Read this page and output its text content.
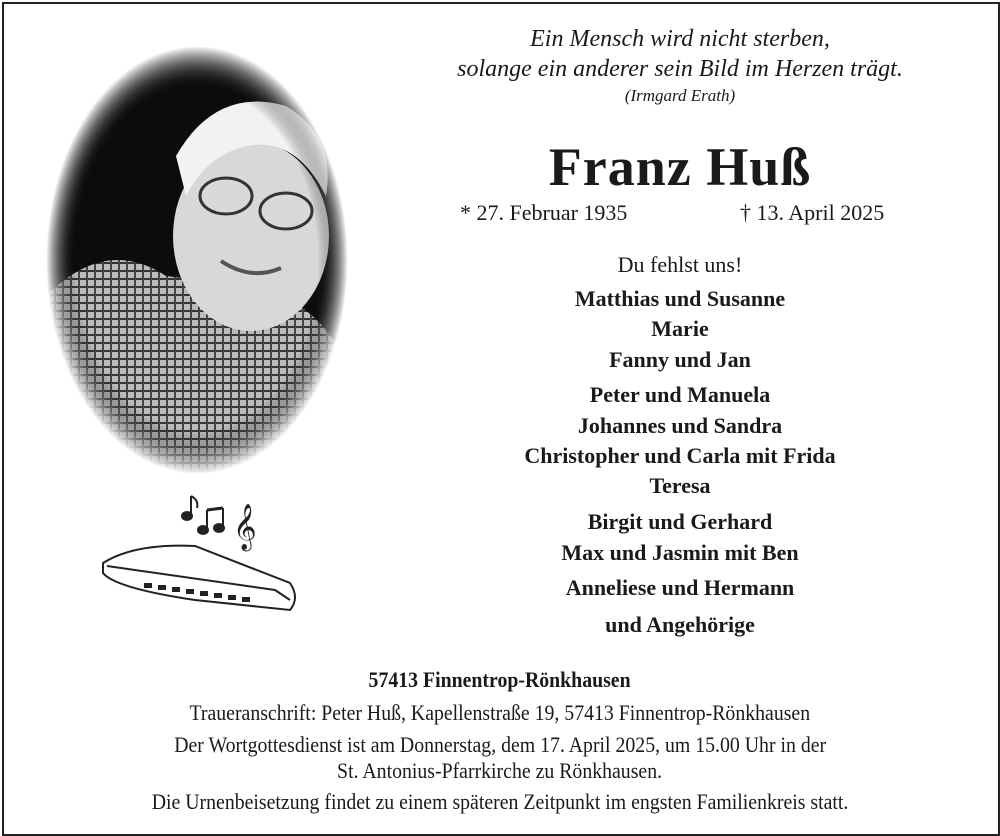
𝄞
Ein Mensch wird nicht sterben,
solange ein anderer sein Bild im Herzen trägt.
(Irmgard Erath)
Franz Huß
* 27. Februar 1935	† 13. April 2025
Du fehlst uns!
Matthias und Susanne
Marie
Fanny und Jan
Peter und Manuela
Johannes und Sandra
Christopher und Carla mit Frida
Teresa
Birgit und Gerhard
Max und Jasmin mit Ben
Anneliese und Hermann
und Angehörige
57413 Finnentrop-Rönkhausen
Traueranschrift: Peter Huß, Kapellenstraße 19, 57413 Finnentrop-Rönkhausen
Der Wortgottesdienst ist am Donnerstag, dem 17. April 2025, um 15.00 Uhr in der
St. Antonius-Pfarrkirche zu Rönkhausen.
Die Urnenbeisetzung findet zu einem späteren Zeitpunkt im engsten Familienkreis statt.
